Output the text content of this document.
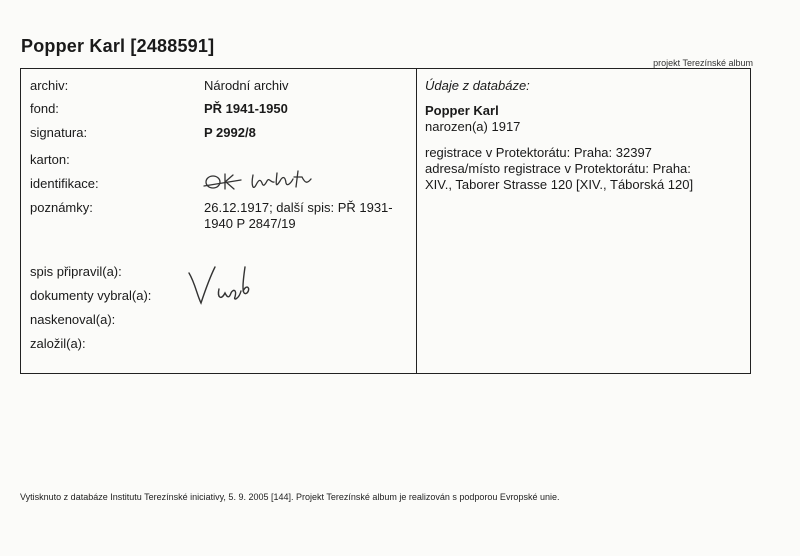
Popper Karl [2488591]
projekt Terezínské album
archiv:	Národní archiv
fond:	PŘ 1941-1950
signatura:	P 2992/8
karton:
identifikace:
poznámky:	26.12.1917; další spis: PŘ 1931-1940 P 2847/19
spis připravil(a):
dokumenty vybral(a):
naskenoval(a):
založil(a):
Údaje z databáze:
Popper Karl
narozen(a) 1917
registrace v Protektorátu: Praha: 32397
adresa/místo registrace v Protektorátu: Praha:
XIV., Taborer Strasse 120 [XIV., Táborská 120]
Vytisknuto z databáze Institutu Terezínské iniciativy, 5. 9. 2005 [144]. Projekt Terezínské album je realizován s podporou Evropské unie.
